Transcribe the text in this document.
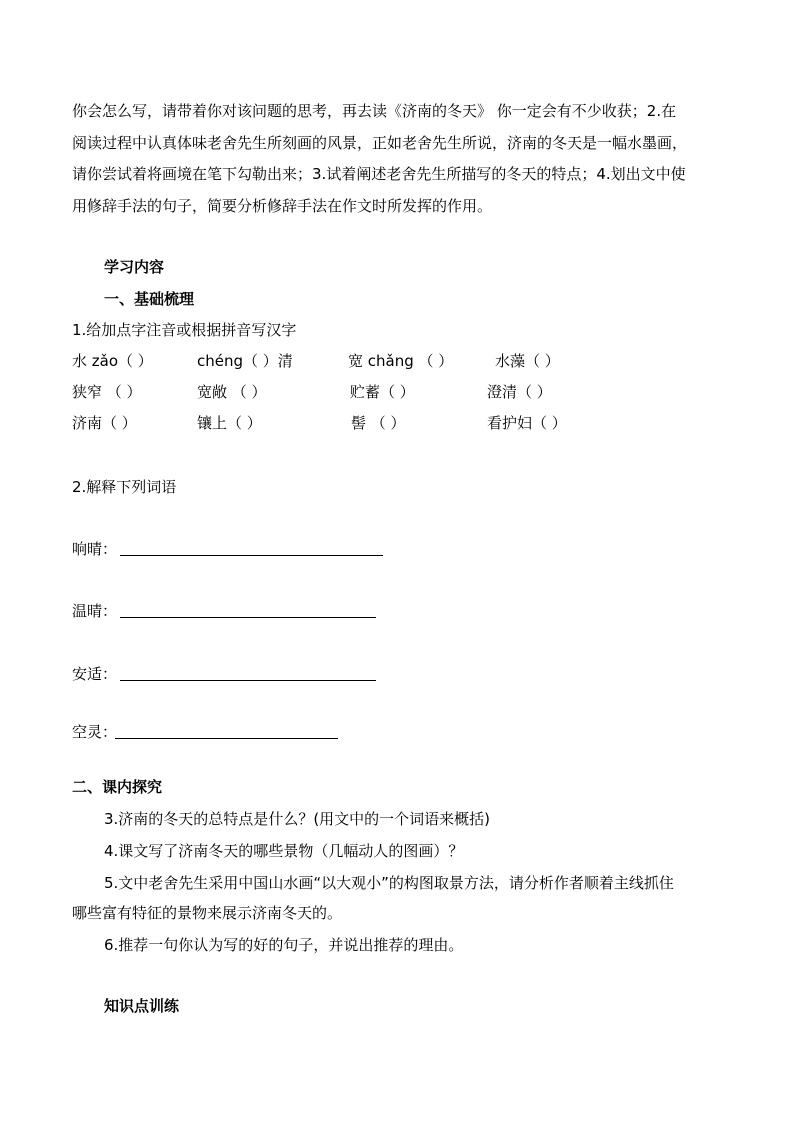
你会怎么写，请带着你对该问题的思考，再去读《济南的冬天》 你一定会有不少收获；2.在
阅读过程中认真体味老舍先生所刻画的风景，正如老舍先生所说，济南的冬天是一幅水墨画，
请你尝试着将画境在笔下勾勒出来；3.试着阐述老舍先生所描写的冬天的特点；4.划出文中使
用修辞手法的句子，简要分析修辞手法在作文时所发挥的作用。
学习内容
一、基础梳理
1.给加点字注音或根据拼音写汉字
水 zǎo（ ）	chéng（ ）清	宽 chǎng （ ）	水藻（ ）
狭窄 （ ）	宽敞 （ ）	贮蓄（ ）	澄清（ ）
济南（ ）	镶上（ ）	髻 （ ）	看护妇（ ）
2.解释下列词语
响晴：
温晴：
安适：
空灵：
二、课内探究
3.济南的冬天的总特点是什么？(用文中的一个词语来概括)
4.课文写了济南冬天的哪些景物（几幅动人的图画）？
5.文中老舍先生采用中国山水画“以大观小”的构图取景方法，请分析作者顺着主线抓住
哪些富有特征的景物来展示济南冬天的。
6.推荐一句你认为写的好的句子，并说出推荐的理由。
知识点训练
